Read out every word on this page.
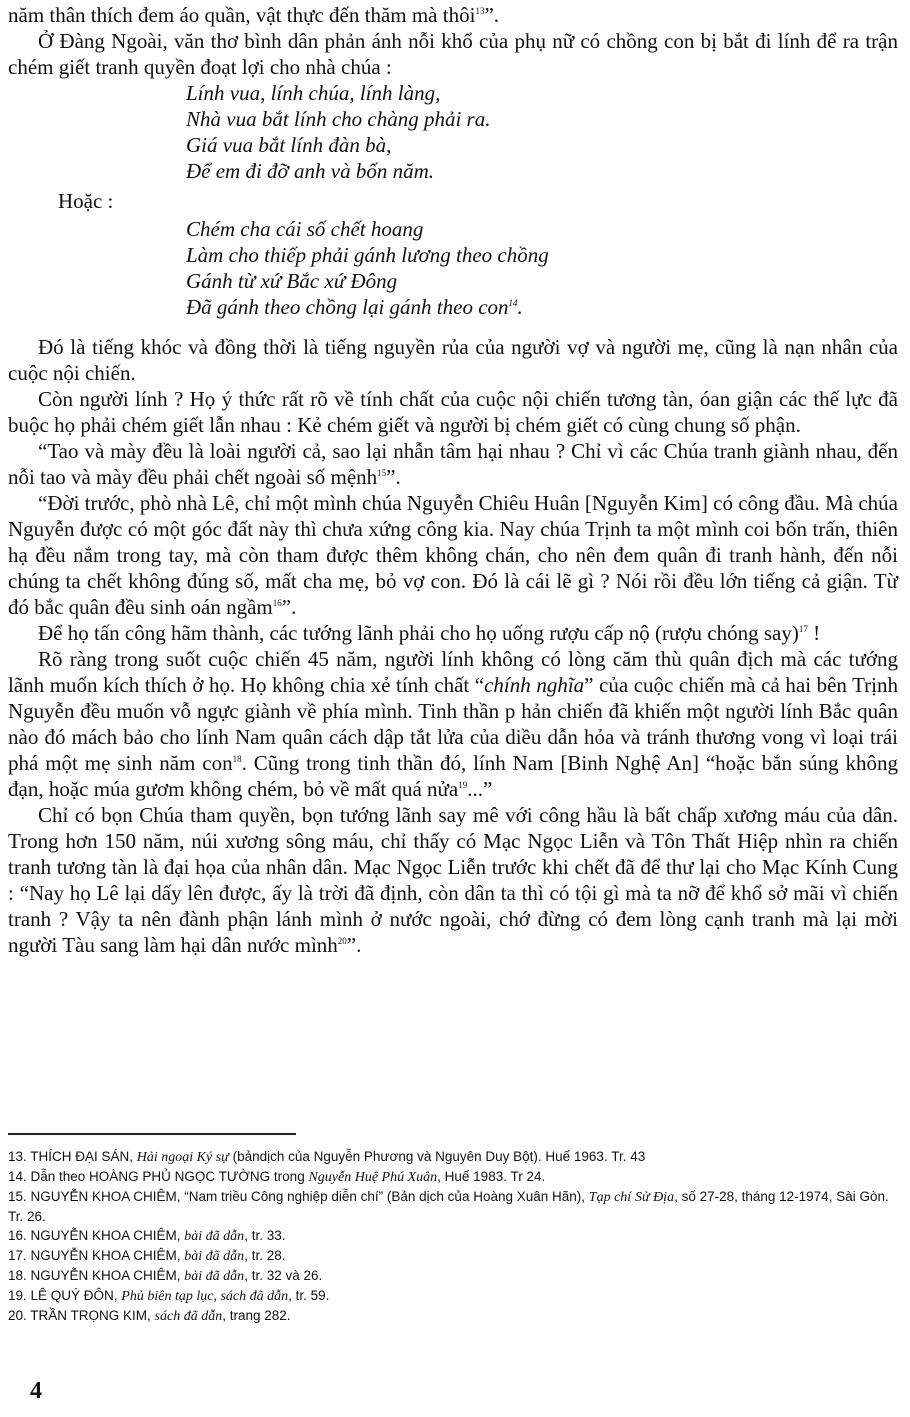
năm thân thích đem áo quần, vật thực đến thăm mà thôi$^{13}$”.

Ở Đàng Ngoài, văn thơ bình dân phản ánh nỗi khổ của phụ nữ có chồng con bị bắt đi lính để ra trận chém giết tranh quyền đoạt lợi cho nhà chúa :

Lính vua, lính chúa, lính làng,
Nhà vua bắt lính cho chàng phải ra.
Giá vua bắt lính đàn bà,
Để em đi đỡ anh và bốn năm.
Hoặc :
Chém cha cái số chết hoang
Làm cho thiếp phải gánh lương theo chồng
Gánh từ xứ Bắc xứ Đông
Đã gánh theo chồng lại gánh theo con$^{14}$.

Đó là tiếng khóc và đồng thời là tiếng nguyền rủa của người vợ và người mẹ, cũng là nạn nhân của cuộc nội chiến.

Còn người lính ? Họ ý thức rất rõ về tính chất của cuộc nội chiến tương tàn, óan giận các thế lực đã buộc họ phải chém giết lẫn nhau : Kẻ chém giết và người bị chém giết có cùng chung số phận.

“Tao và mày đều là loài người cả, sao lại nhẫn tâm hại nhau ? Chỉ vì các Chúa tranh giành nhau, đến nỗi tao và mày đều phải chết ngoài số mệnh$^{15}$”.

“Đời trước, phò nhà Lê, chỉ một mình chúa Nguyễn Chiêu Huân [Nguyễn Kim] có công đầu. Mà chúa Nguyễn được có một góc đất này thì chưa xứng công kia. Nay chúa Trịnh ta một mình coi bốn trấn, thiên hạ đều nắm trong tay, mà còn tham được thêm không chán, cho nên đem quân đi tranh hành, đến nỗi chúng ta chết không đúng số, mất cha mẹ, bỏ vợ con. Đó là cái lẽ gì ? Nói rồi đều lớn tiếng cả giận. Từ đó bắc quân đều sinh oán ngầm$^{16}$”.

Để họ tấn công hãm thành, các tướng lãnh phải cho họ uống rượu cấp nộ (rượu chóng say)$^{17}$ !

Rõ ràng trong suốt cuộc chiến 45 năm, người lính không có lòng căm thù quân địch mà các tướng lãnh muốn kích thích ở họ. Họ không chia xẻ tính chất “chính nghĩa” của cuộc chiến mà cả hai bên Trịnh Nguyễn đều muốn vỗ ngực giành về phía mình. Tinh thần p hản chiến đã khiến một người lính Bắc quân nào đó mách bảo cho lính Nam quân cách dập tắt lửa của diều dẫn hỏa và tránh thương vong vì loại trái phá một mẹ sinh năm con$^{18}$. Cũng trong tinh thần đó, lính Nam [Binh Nghệ An] “hoặc bắn súng không đạn, hoặc múa gươm không chém, bỏ về mất quá nửa$^{19}$...”

Chỉ có bọn Chúa tham quyền, bọn tướng lãnh say mê với công hầu là bất chấp xương máu của dân. Trong hơn 150 năm, núi xương sông máu, chỉ thấy có Mạc Ngọc Liễn và Tôn Thất Hiệp nhìn ra chiến tranh tương tàn là đại họa của nhân dân. Mạc Ngọc Liễn trước khi chết đã để thư lại cho Mạc Kính Cung : “Nay họ Lê lại dấy lên được, ấy là trời đã định, còn dân ta thì có tội gì mà ta nỡ để khổ sở mãi vì chiến tranh ? Vậy ta nên đành phận lánh mình ở nước ngoài, chớ đừng có đem lòng cạnh tranh mà lại mời người Tàu sang làm hại dân nước mình$^{20}$”.

13. THÍCH ĐẠI SÁN, Hải ngoại Ký sự (bảndịch của Nguyễn Phương và Nguyên Duy Bột). Huế 1963. Tr. 43
14. Dẫn theo HOÀNG PHỦ NGỌC TƯỜNG trong Nguyễn Huệ Phú Xuân, Huế 1983. Tr 24.
15. NGUYỄN KHOA CHIÊM, “Nam triều Công nghiệp diễn chí” (Bản dịch của Hoàng Xuân Hãn), Tạp chí Sử Địa, số 27-28, tháng 12-1974, Sài Gòn. Tr. 26.
16. NGUYỄN KHOA CHIÊM, bài đã dẫn, tr. 33.
17. NGUYỄN KHOA CHIÊM, bài đã dẫn, tr. 28.
18. NGUYỄN KHOA CHIÊM, bài đã dẫn, tr. 32 và 26.
19. LÊ QUÝ ĐÔN, Phủ biên tạp lục, sách đã dẫn, tr. 59.
20. TRẦN TRỌNG KIM, sách đã dẫn, trang 282.
4
